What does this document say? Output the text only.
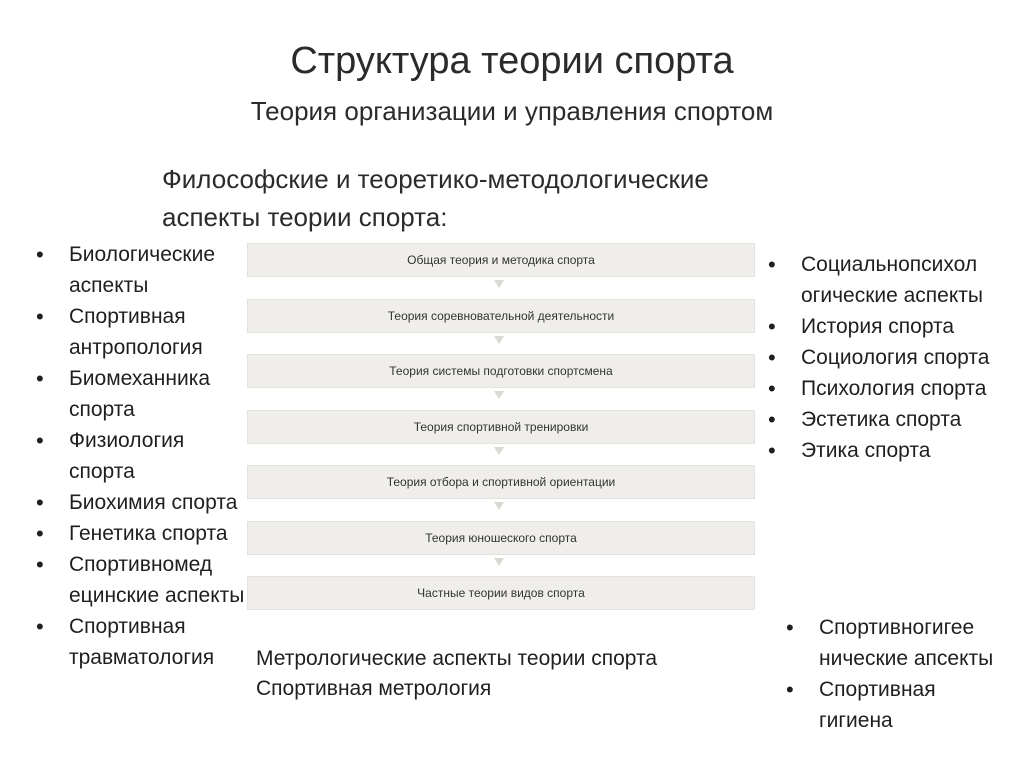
Структура теории спорта
Теория организации и управления спортом
Философские и теоретико-методологические
аспекты теории спорта:
• Биологические аспекты
• Спортивная антропология
• Биомеханника спорта
• Физиология спорта
• Биохимия спорта
• Генетика спорта
• Спортивномед ецинские аспекты
• Спортивная травматология
Общая теория и методика спорта
Теория соревновательной деятельности
Теория системы подготовки спортсмена
Теория спортивной тренировки
Теория отбора и спортивной ориентации
Теория юношеского спорта
Частные теории видов спорта
• Социальнопсихол огические аспекты
• История спорта
• Социология спорта
• Психология спорта
• Эстетика спорта
• Этика спорта
• Спортивногигее нические апсекты
• Спортивная гигиена
Метрологические аспекты теории спорта
Спортивная метрология
